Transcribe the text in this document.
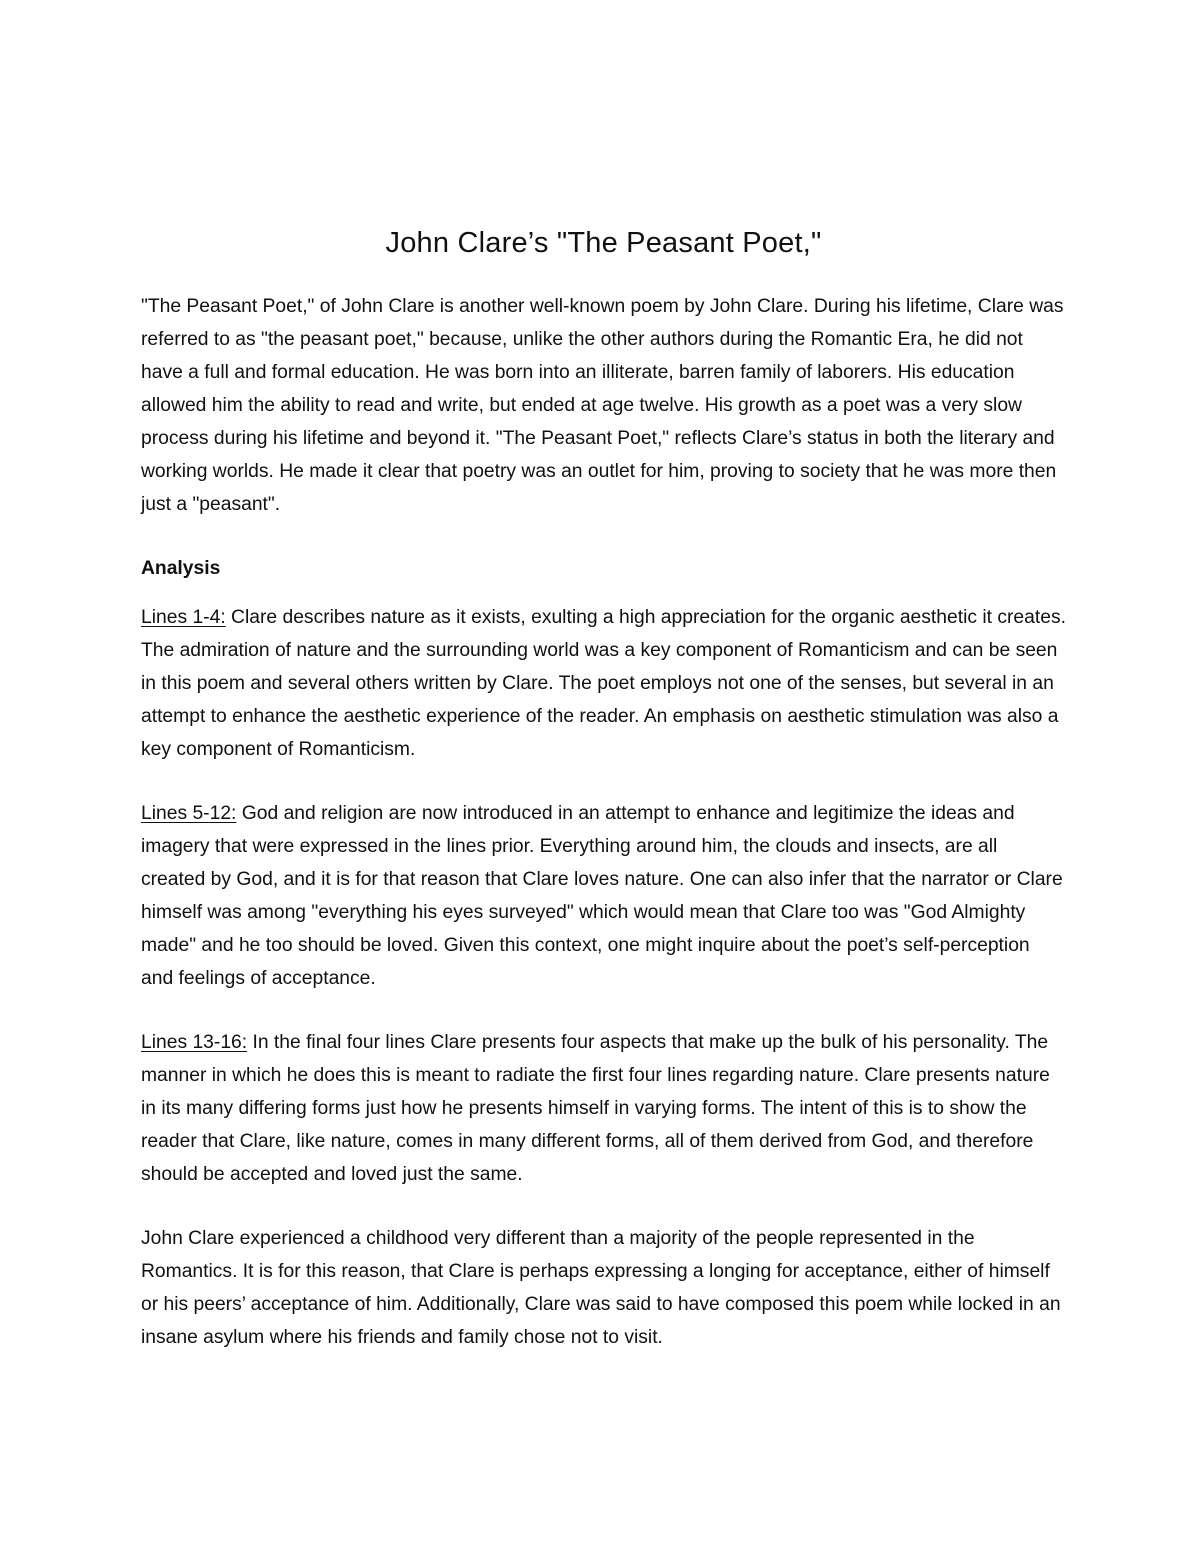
John Clare’s "The Peasant Poet,"

"The Peasant Poet," of John Clare is another well-known poem by John Clare. During his lifetime, Clare was referred to as "the peasant poet," because, unlike the other authors during the Romantic Era, he did not have a full and formal education. He was born into an illiterate, barren family of laborers. His education allowed him the ability to read and write, but ended at age twelve. His growth as a poet was a very slow process during his lifetime and beyond it. "The Peasant Poet," reflects Clare’s status in both the literary and working worlds. He made it clear that poetry was an outlet for him, proving to society that he was more then just a "peasant".

Analysis

Lines 1-4: Clare describes nature as it exists, exulting a high appreciation for the organic aesthetic it creates. The admiration of nature and the surrounding world was a key component of Romanticism and can be seen in this poem and several others written by Clare. The poet employs not one of the senses, but several in an attempt to enhance the aesthetic experience of the reader. An emphasis on aesthetic stimulation was also a key component of Romanticism.

Lines 5-12: God and religion are now introduced in an attempt to enhance and legitimize the ideas and imagery that were expressed in the lines prior. Everything around him, the clouds and insects, are all created by God, and it is for that reason that Clare loves nature. One can also infer that the narrator or Clare himself was among "everything his eyes surveyed" which would mean that Clare too was "God Almighty made" and he too should be loved. Given this context, one might inquire about the poet’s self-perception and feelings of acceptance.

Lines 13-16: In the final four lines Clare presents four aspects that make up the bulk of his personality. The manner in which he does this is meant to radiate the first four lines regarding nature. Clare presents nature in its many differing forms just how he presents himself in varying forms. The intent of this is to show the reader that Clare, like nature, comes in many different forms, all of them derived from God, and therefore should be accepted and loved just the same.

John Clare experienced a childhood very different than a majority of the people represented in the Romantics. It is for this reason, that Clare is perhaps expressing a longing for acceptance, either of himself or his peers’ acceptance of him. Additionally, Clare was said to have composed this poem while locked in an insane asylum where his friends and family chose not to visit.
